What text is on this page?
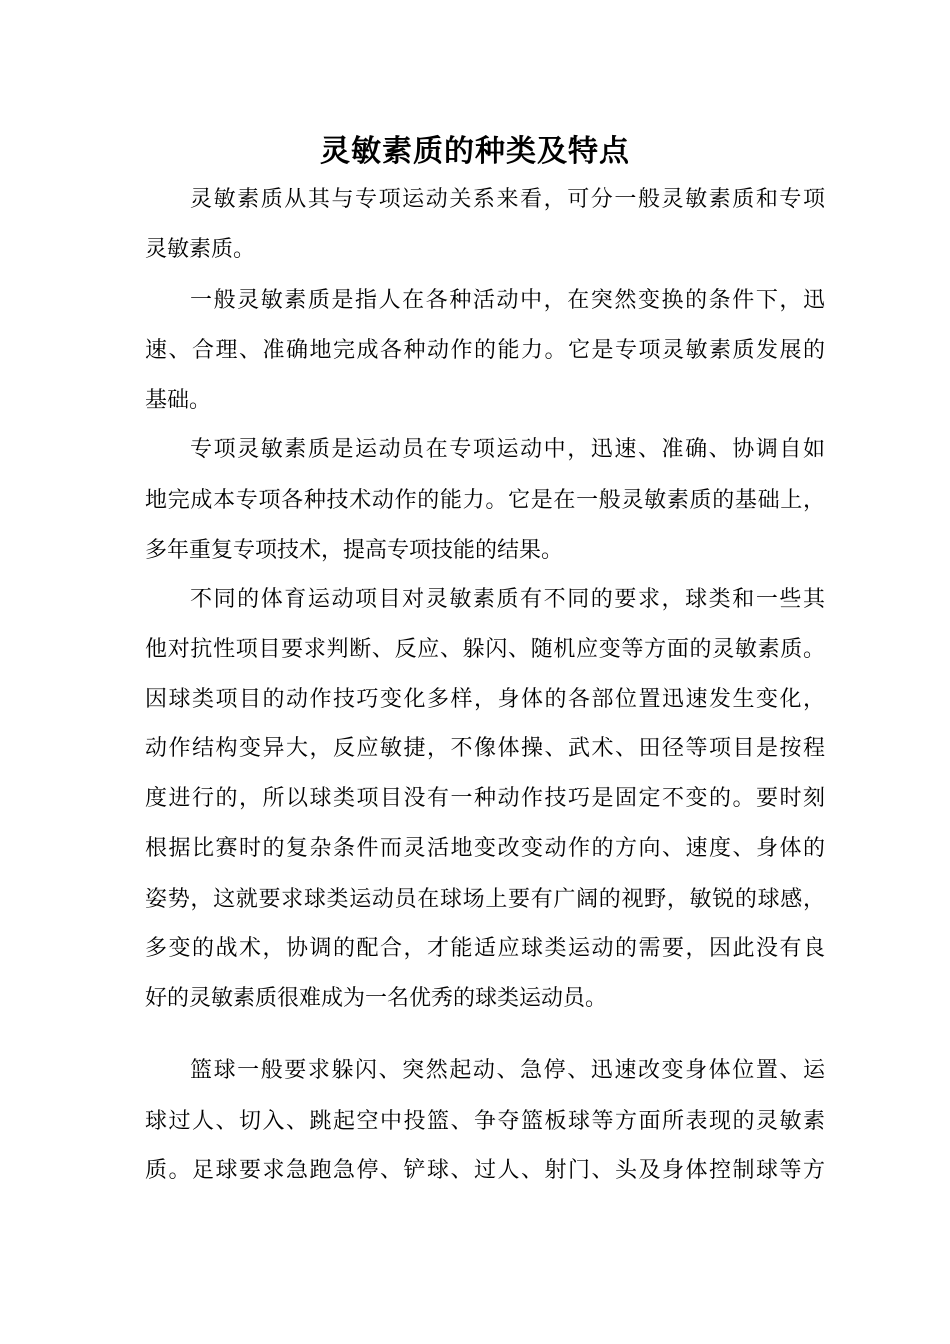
灵敏素质的种类及特点
灵敏素质从其与专项运动关系来看，可分一般灵敏素质和专项
灵敏素质。
一般灵敏素质是指人在各种活动中，在突然变换的条件下，迅
速、合理、准确地完成各种动作的能力。它是专项灵敏素质发展的
基础。
专项灵敏素质是运动员在专项运动中，迅速、准确、协调自如
地完成本专项各种技术动作的能力。它是在一般灵敏素质的基础上，
多年重复专项技术，提高专项技能的结果。
不同的体育运动项目对灵敏素质有不同的要求，球类和一些其
他对抗性项目要求判断、反应、躲闪、随机应变等方面的灵敏素质。
因球类项目的动作技巧变化多样，身体的各部位置迅速发生变化，
动作结构变异大，反应敏捷，不像体操、武术、田径等项目是按程
度进行的，所以球类项目没有一种动作技巧是固定不变的。要时刻
根据比赛时的复杂条件而灵活地变改变动作的方向、速度、身体的
姿势，这就要求球类运动员在球场上要有广阔的视野，敏锐的球感，
多变的战术，协调的配合，才能适应球类运动的需要，因此没有良
好的灵敏素质很难成为一名优秀的球类运动员。
篮球一般要求躲闪、突然起动、急停、迅速改变身体位置、运
球过人、切入、跳起空中投篮、争夺篮板球等方面所表现的灵敏素
质。足球要求急跑急停、铲球、过人、射门、头及身体控制球等方
